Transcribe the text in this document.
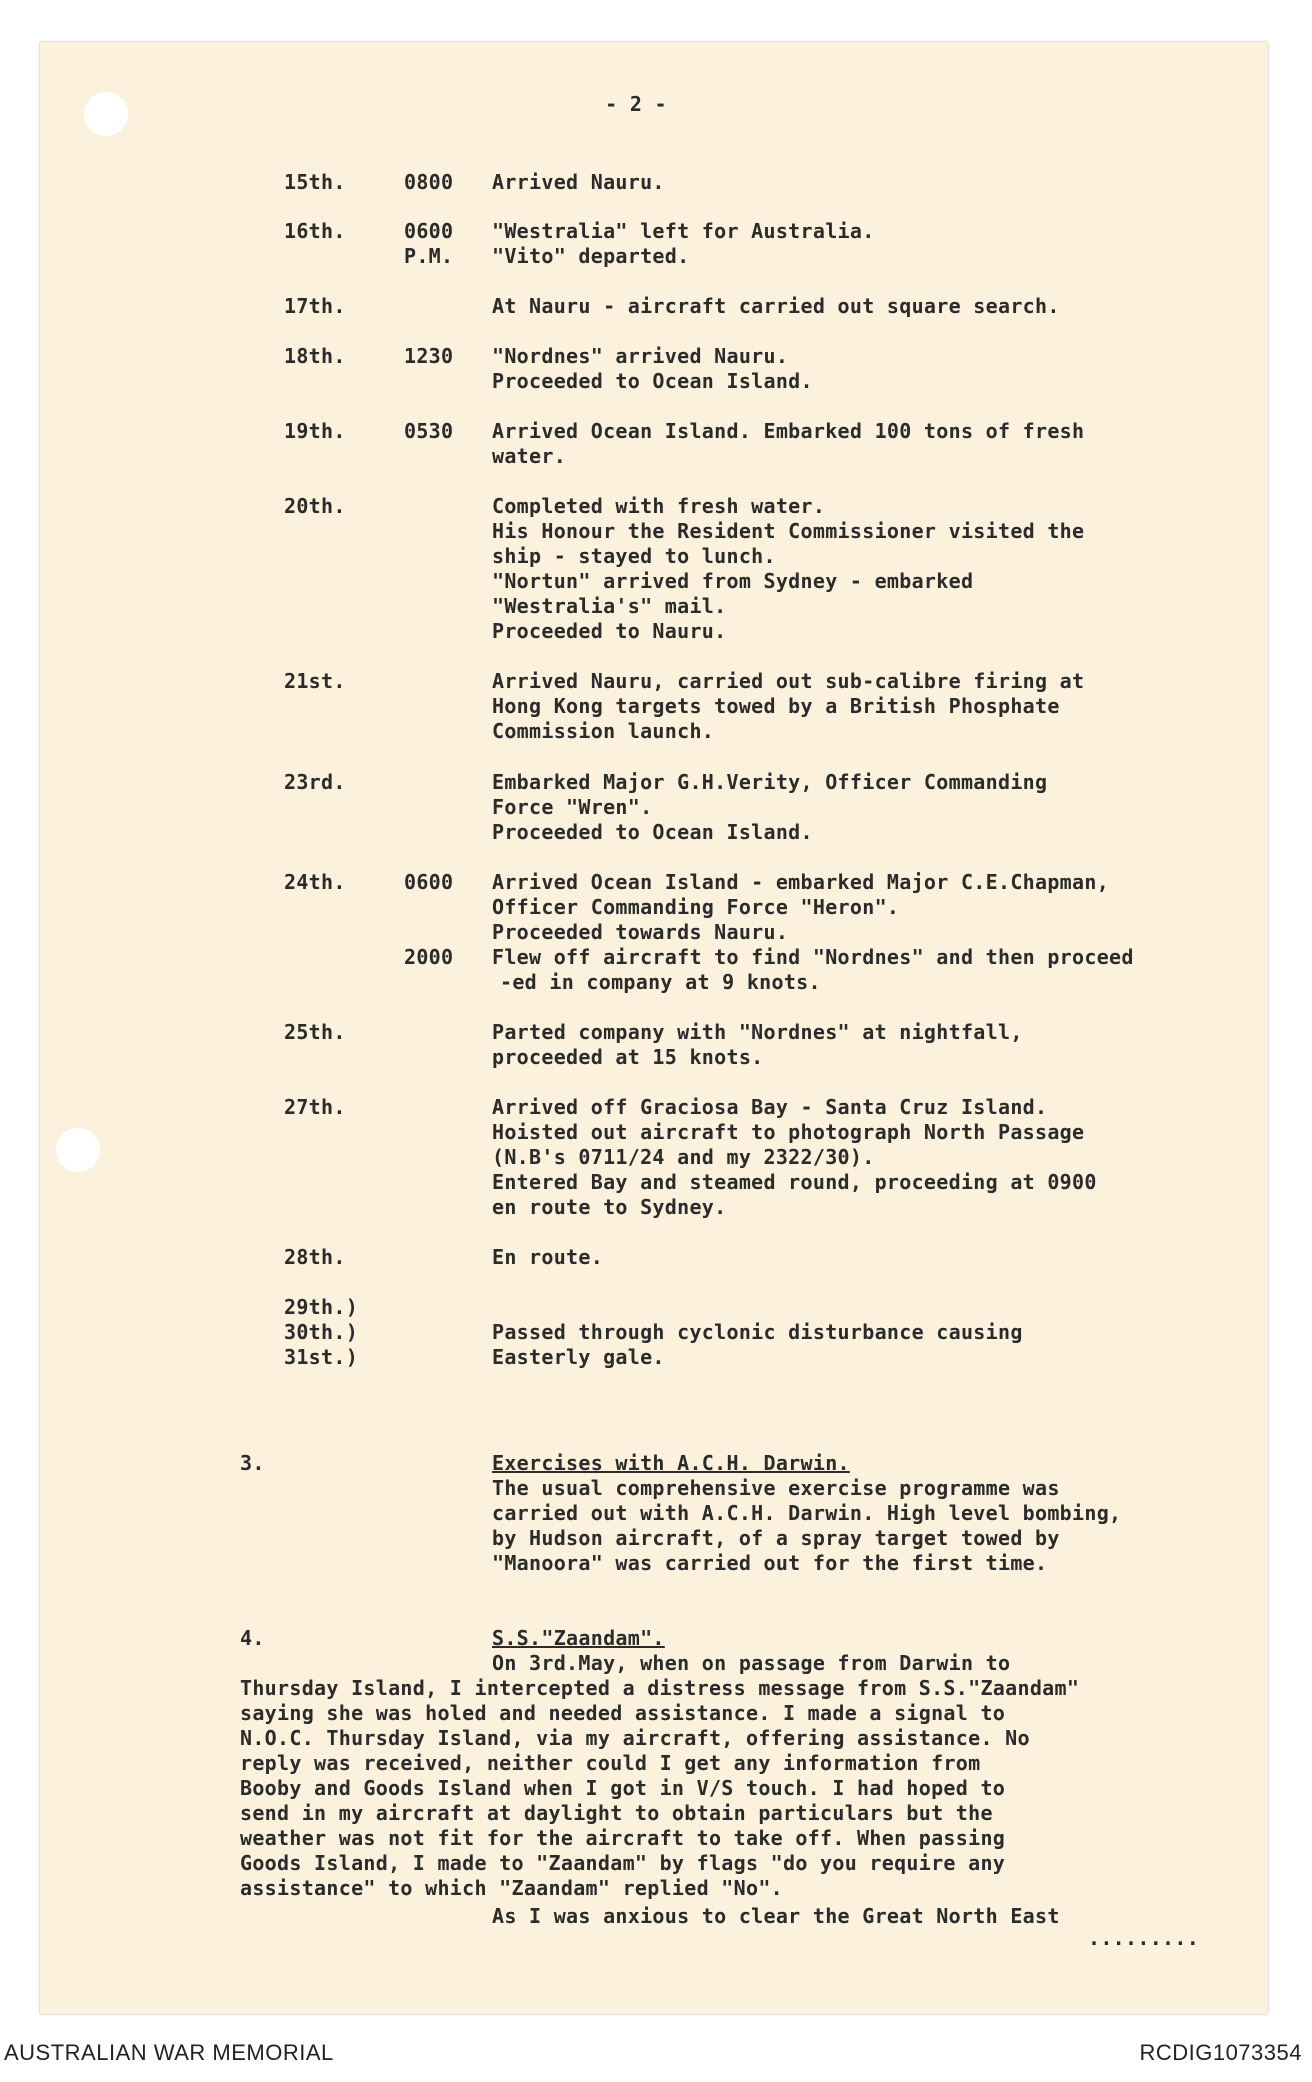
- 2 -
15th.	0800 Arrived Nauru.
16th.	0600 "Westralia" left for Australia.
P.M. "Vito" departed.
17th.	At Nauru - aircraft carried out square search.
18th.	1230 "Nordnes" arrived Nauru.
Proceeded to Ocean Island.
19th.	0530 Arrived Ocean Island. Embarked 100 tons of fresh
water.
20th.	Completed with fresh water.
His Honour the Resident Commissioner visited the
ship - stayed to lunch.
"Nortun" arrived from Sydney - embarked
"Westralia's" mail.
Proceeded to Nauru.
21st.	Arrived Nauru, carried out sub-calibre firing at
Hong Kong targets towed by a British Phosphate
Commission launch.
23rd.	Embarked Major G.H.Verity, Officer Commanding
Force "Wren".
Proceeded to Ocean Island.
24th.	0600 Arrived Ocean Island - embarked Major C.E.Chapman,
Officer Commanding Force "Heron".
Proceeded towards Nauru.
2000 Flew off aircraft to find "Nordnes" and then proceed
-ed in company at 9 knots.
25th.	Parted company with "Nordnes" at nightfall,
proceeded at 15 knots.
27th.	Arrived off Graciosa Bay - Santa Cruz Island.
Hoisted out aircraft to photograph North Passage
(N.B's 0711/24 and my 2322/30).
Entered Bay and steamed round, proceeding at 0900
en route to Sydney.
28th.	En route.
29th.)
30th.)
31st.)
Passed through cyclonic disturbance causing
Easterly gale.
3.	Exercises with A.C.H. Darwin.
The usual comprehensive exercise programme was
carried out with A.C.H. Darwin. High level bombing,
by Hudson aircraft, of a spray target towed by
"Manoora" was carried out for the first time.
4.	S.S."Zaandam".
On 3rd.May, when on passage from Darwin to
Thursday Island, I intercepted a distress message from S.S."Zaandam"
saying she was holed and needed assistance. I made a signal to
N.O.C. Thursday Island, via my aircraft, offering assistance. No
reply was received, neither could I get any information from
Booby and Goods Island when I got in V/S touch. I had hoped to
send in my aircraft at daylight to obtain particulars but the
weather was not fit for the aircraft to take off. When passing
Goods Island, I made to "Zaandam" by flags "do you require any
assistance" to which "Zaandam" replied "No".
As I was anxious to clear the Great North East
.........
AUSTRALIAN WAR MEMORIAL	RCDIG1073354
